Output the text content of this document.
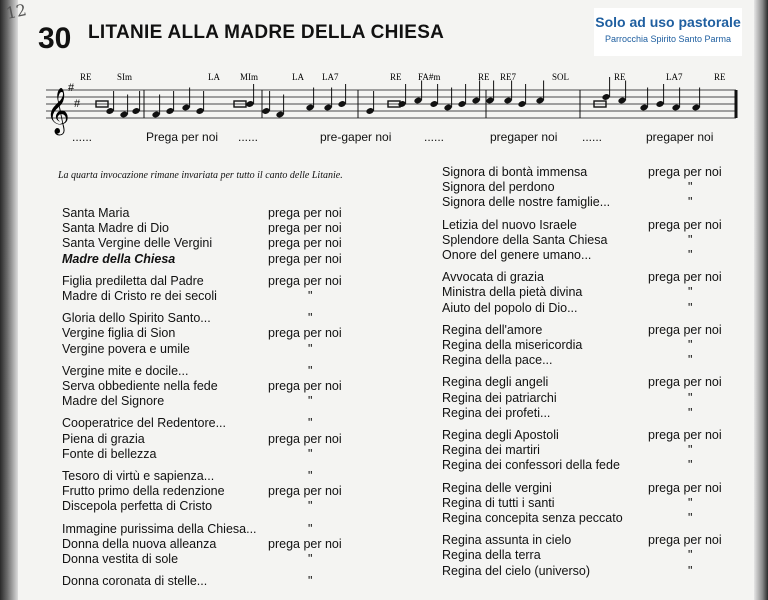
12
30 LITANIE ALLA MADRE DELLA CHIESA	Solo ad uso pastorale
Parrocchia Spirito Santo Parma
𝄞
#
#
RE	SIm	LA MIm	LA LA7	RE FA#m	RE RE7	SOL	RE	LA7	RE
......	Prega per noi ......	pre-gaper noi	......	pregaper noi ......	pregaper noi
La quarta invocazione rimane invariata per tutto il canto delle Litanie.
Santa Maria	prega per noi
Santa Madre di Dio	prega per noi
Santa Vergine delle Vergini	prega per noi
Madre della Chiesa	prega per noi
Figlia prediletta dal Padre	prega per noi
Madre di Cristo re dei secoli	"
Gloria dello Spirito Santo...	"
Vergine figlia di Sion	prega per noi
Vergine povera e umile	"
Vergine mite e docile...	"
Serva obbediente nella fede	prega per noi
Madre del Signore	"
Cooperatrice del Redentore...	"
Piena di grazia	prega per noi
Fonte di bellezza	"
Tesoro di virtù e sapienza...	"
Frutto primo della redenzione	prega per noi
Discepola perfetta di Cristo	"
Immagine purissima della Chiesa...	"
Donna della nuova alleanza	prega per noi
Donna vestita di sole	"
Donna coronata di stelle...	"
Signora di bontà immensa	prega per noi
Signora del perdono	"
Signora delle nostre famiglie...	"
Letizia del nuovo Israele	prega per noi
Splendore della Santa Chiesa	"
Onore del genere umano...	"
Avvocata di grazia	prega per noi
Ministra della pietà divina	"
Aiuto del popolo di Dio...	"
Regina dell'amore	prega per noi
Regina della misericordia	"
Regina della pace...	"
Regina degli angeli	prega per noi
Regina dei patriarchi	"
Regina dei profeti...	"
Regina degli Apostoli	prega per noi
Regina dei martiri	"
Regina dei confessori della fede	"
Regina delle vergini	prega per noi
Regina di tutti i santi	"
Regina concepita senza peccato	"
Regina assunta in cielo	prega per noi
Regina della terra	"
Regina del cielo (universo)	"
